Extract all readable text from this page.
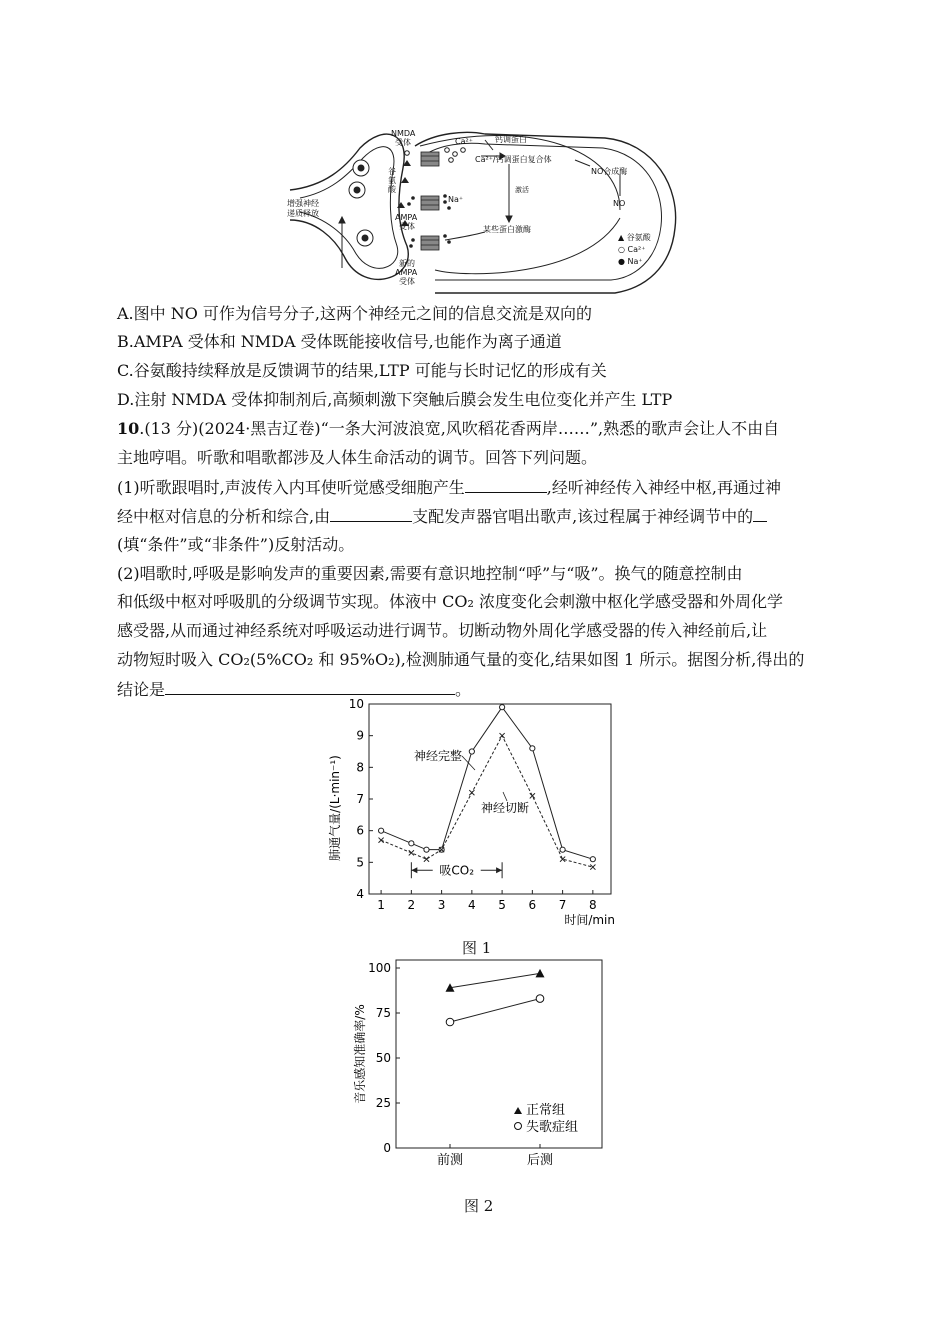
NMDA
受体
谷
氨
酸
增强神经
递质释放	AMPA
受体
新的
AMPA
受体
Ca²⁺	钙调蛋白
Ca²⁺/钙调蛋白复合体
NO合成酶
Na⁺
激活
NO
某些蛋白激酶
▲ 谷氨酸
○ Ca²⁺
● Na⁺
A.图中 NO 可作为信号分子,这两个神经元之间的信息交流是双向的
B.AMPA 受体和 NMDA 受体既能接收信号,也能作为离子通道
C.谷氨酸持续释放是反馈调节的结果,LTP 可能与长时记忆的形成有关
D.注射 NMDA 受体抑制剂后,高频刺激下突触后膜会发生电位变化并产生 LTP
10.(13 分)(2024·黑吉辽卷)“一条大河波浪宽,风吹稻花香两岸……”,熟悉的歌声会让人不由自
主地哼唱。听歌和唱歌都涉及人体生命活动的调节。回答下列问题。
(1)听歌跟唱时,声波传入内耳使听觉感受细胞产生	,经听神经传入神经中枢,再通过神
经中枢对信息的分析和综合,由	支配发声器官唱出歌声,该过程属于神经调节中的
(填“条件”或“非条件”)反射活动。
(2)唱歌时,呼吸是影响发声的重要因素,需要有意识地控制“呼”与“吸”。换气的随意控制由
和低级中枢对呼吸肌的分级调节实现。体液中 CO₂ 浓度变化会刺激中枢化学感受器和外周化学
感受器,从而通过神经系统对呼吸运动进行调节。切断动物外周化学感受器的传入神经前后,让
动物短时吸入 CO₂(5%CO₂ 和 95%O₂),检测肺通气量的变化,结果如图 1 所示。据图分析,得出的
结论是	。
肺通气量/(L·min⁻¹)
时间/min
1 2 3 4 5 6 7 8
4
5
6
7
8
9
10
神经完整
神经切断
吸CO₂
图 1
音乐感知准确率/%
0
25
50
75
100
前测	后测
正常组
失歌症组
图 2
